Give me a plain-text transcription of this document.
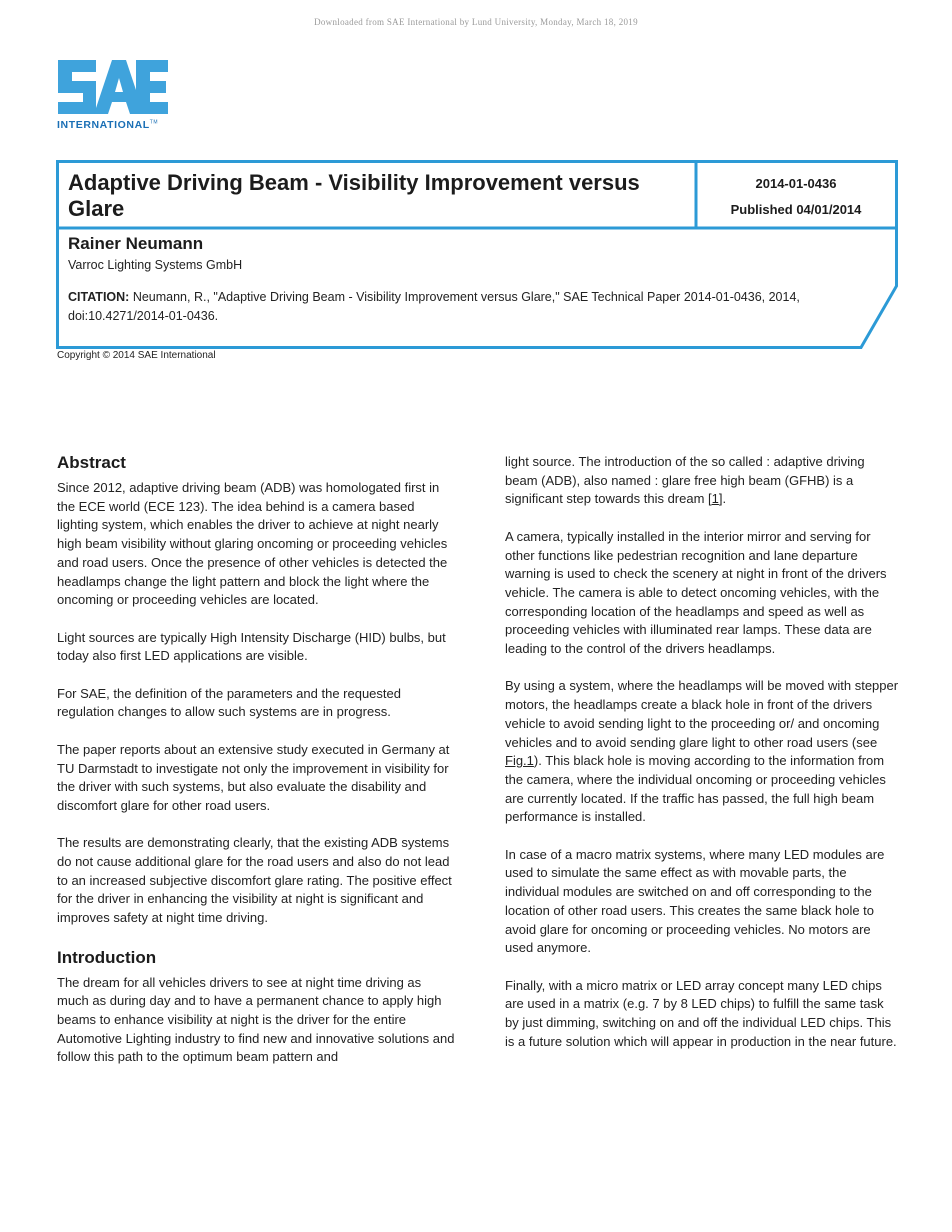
Downloaded from SAE International by Lund University, Monday, March 18, 2019
INTERNATIONAL™
Adaptive Driving Beam - Visibility Improvement versus Glare
2014-01-0436
Published 04/01/2014
Rainer Neumann
Varroc Lighting Systems GmbH
CITATION: Neumann, R., "Adaptive Driving Beam - Visibility Improvement versus Glare," SAE Technical Paper 2014-01-0436, 2014, doi:10.4271/2014-01-0436.
Copyright © 2014 SAE International
Abstract

Since 2012, adaptive driving beam (ADB) was homologated first in the ECE world (ECE 123). The idea behind is a camera based lighting system, which enables the driver to achieve at night nearly high beam visibility without glaring oncoming or proceeding vehicles and road users. Once the presence of other vehicles is detected the headlamps change the light pattern and block the light where the oncoming or proceeding vehicles are located.

Light sources are typically High Intensity Discharge (HID) bulbs, but today also first LED applications are visible.

For SAE, the definition of the parameters and the requested regulation changes to allow such systems are in progress.

The paper reports about an extensive study executed in Germany at TU Darmstadt to investigate not only the improvement in visibility for the driver with such systems, but also evaluate the disability and discomfort glare for other road users.

The results are demonstrating clearly, that the existing ADB systems do not cause additional glare for the road users and also do not lead to an increased subjective discomfort glare rating. The positive effect for the driver in enhancing the visibility at night is significant and improves safety at night time driving.

Introduction

The dream for all vehicles drivers to see at night time driving as much as during day and to have a permanent chance to apply high beams to enhance visibility at night is the driver for the entire Automotive Lighting industry to find new and innovative solutions and follow this path to the optimum beam pattern and

light source. The introduction of the so called : adaptive driving beam (ADB), also named : glare free high beam (GFHB) is a significant step towards this dream [1].

A camera, typically installed in the interior mirror and serving for other functions like pedestrian recognition and lane departure warning is used to check the scenery at night in front of the drivers vehicle. The camera is able to detect oncoming vehicles, with the corresponding location of the headlamps and speed as well as proceeding vehicles with illuminated rear lamps. These data are leading to the control of the drivers headlamps.

By using a system, where the headlamps will be moved with stepper motors, the headlamps create a black hole in front of the drivers vehicle to avoid sending light to the proceeding or/ and oncoming vehicles and to avoid sending glare light to other road users (see Fig.1). This black hole is moving according to the information from the camera, where the individual oncoming or proceeding vehicles are currently located. If the traffic has passed, the full high beam performance is installed.

In case of a macro matrix systems, where many LED modules are used to simulate the same effect as with movable parts, the individual modules are switched on and off corresponding to the location of other road users. This creates the same black hole to avoid glare for oncoming or proceeding vehicles. No motors are used anymore.

Finally, with a micro matrix or LED array concept many LED chips are used in a matrix (e.g. 7 by 8 LED chips) to fulfill the same task by just dimming, switching on and off the individual LED chips. This is a future solution which will appear in production in the near future.
